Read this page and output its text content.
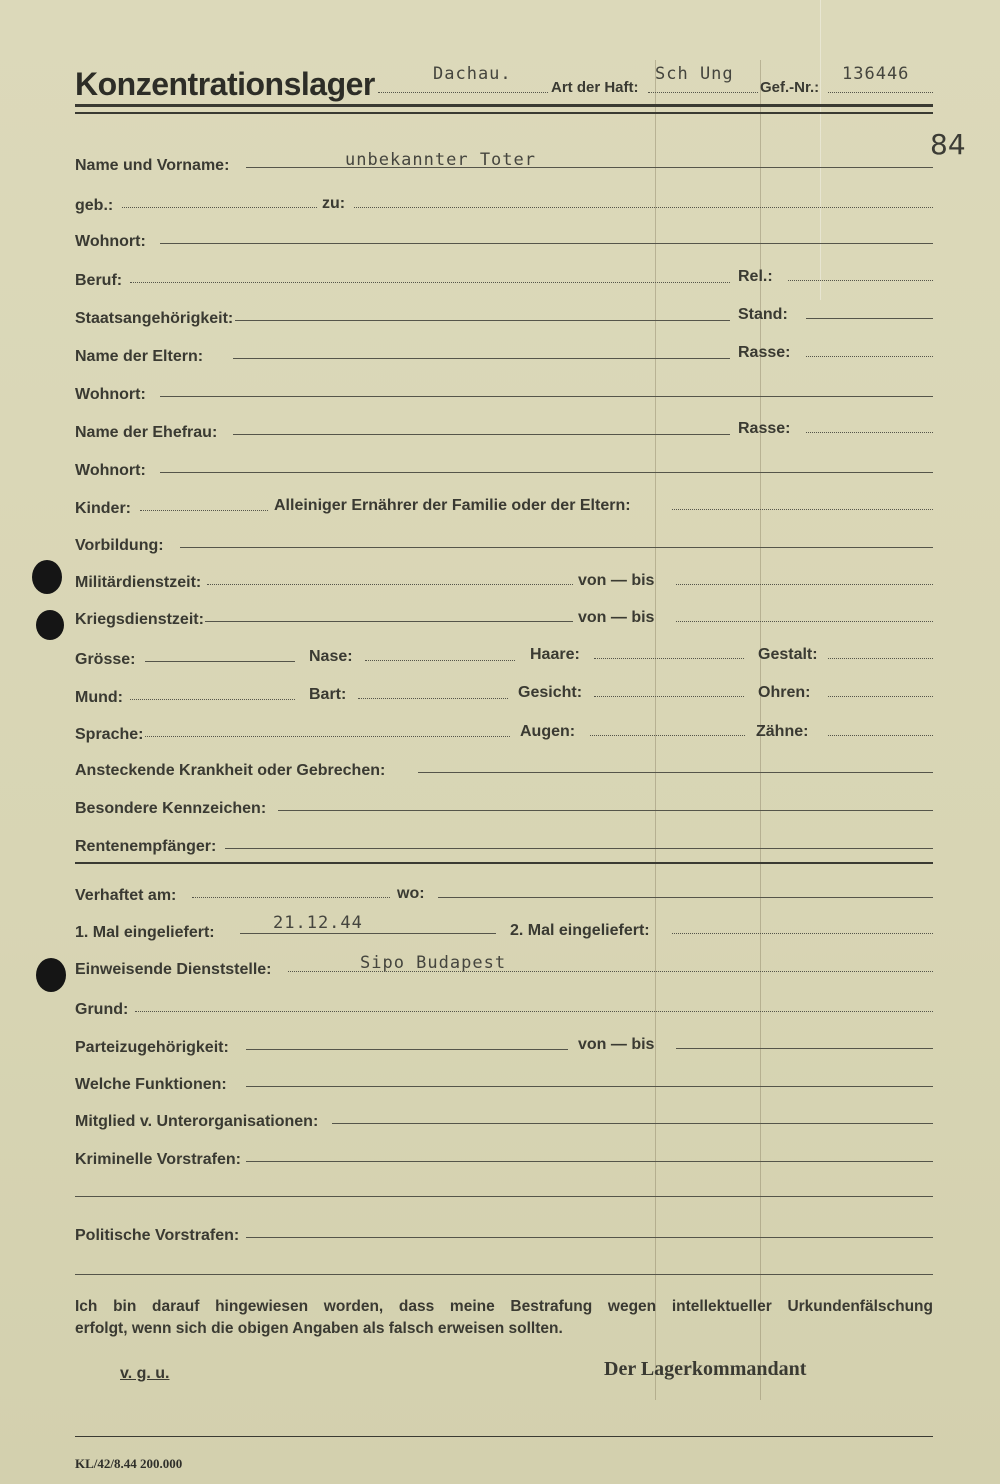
Konzentrationslager	Dachau.
Art der Haft:
Sch Ung
Gef.-Nr.:
136446
84
Name und Vorname:	unbekannter Toter
geb.:	zu:
Wohnort:
Beruf:	Rel.:
Staatsangehörigkeit:	Stand:
Name der Eltern:	Rasse:
Wohnort:
Name der Ehefrau:	Rasse:
Wohnort:
Kinder:	Alleiniger Ernährer der Familie oder der Eltern:
Vorbildung:
Militärdienstzeit:	von — bis
Kriegsdienstzeit:	von — bis
Grösse:	Nase:	Haare:	Gestalt:
Mund:	Bart:	Gesicht:	Ohren:
Sprache:	Augen:	Zähne:
Ansteckende Krankheit oder Gebrechen:
Besondere Kennzeichen:
Rentenempfänger:
Verhaftet am:	wo:
1. Mal eingeliefert:	21.12.44	2. Mal eingeliefert:
Einweisende Dienststelle:	Sipo Budapest
Grund:
Parteizugehörigkeit:	von — bis
Welche Funktionen:
Mitglied v. Unterorganisationen:
Kriminelle Vorstrafen:
Politische Vorstrafen:
Ich bin darauf hingewiesen worden, dass meine Bestrafung wegen intellektueller Urkundenfälschung
erfolgt, wenn sich die obigen Angaben als falsch erweisen sollten.
v. g. u.	Der Lagerkommandant
KL/42/8.44 200.000
